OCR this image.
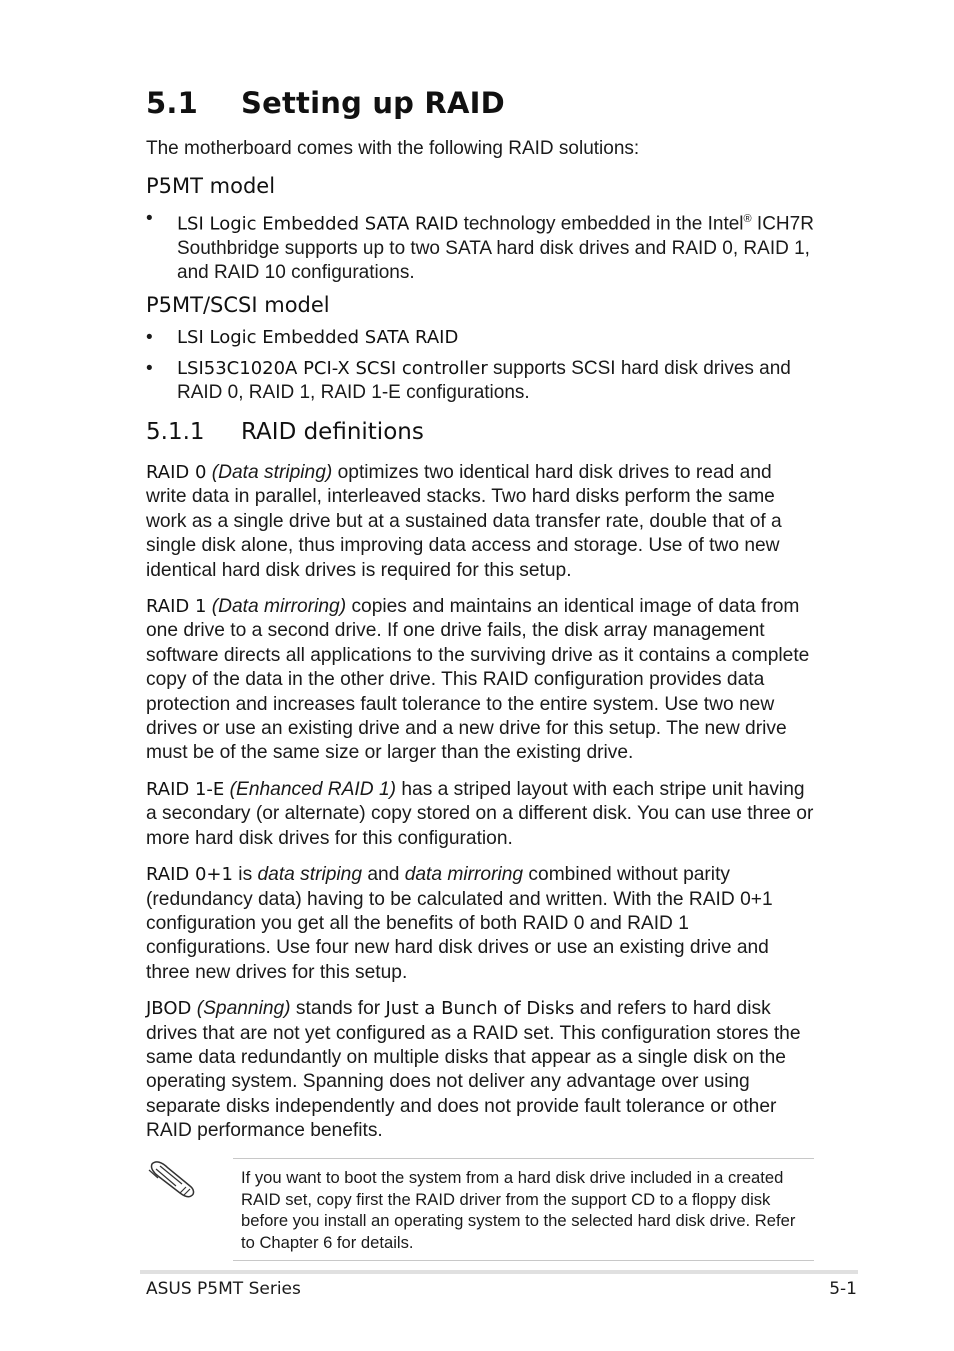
5.1 Setting up RAID
The motherboard comes with the following RAID solutions:
P5MT model
• LSI Logic Embedded SATA RAID technology embedded in the Intel® ICH7R Southbridge supports up to two SATA hard disk drives and RAID 0, RAID 1, and RAID 10 configurations.
P5MT/SCSI model
• LSI Logic Embedded SATA RAID
• LSI53C1020A PCI-X SCSI controller supports SCSI hard disk drives and RAID 0, RAID 1, RAID 1-E configurations.
5.1.1 RAID definitions

RAID 0 (Data striping) optimizes two identical hard disk drives to read and write data in parallel, interleaved stacks. Two hard disks perform the same work as a single drive but at a sustained data transfer rate, double that of a single disk alone, thus improving data access and storage. Use of two new identical hard disk drives is required for this setup.

RAID 1 (Data mirroring) copies and maintains an identical image of data from one drive to a second drive. If one drive fails, the disk array management software directs all applications to the surviving drive as it contains a complete copy of the data in the other drive. This RAID configuration provides data protection and increases fault tolerance to the entire system. Use two new drives or use an existing drive and a new drive for this setup. The new drive must be of the same size or larger than the existing drive.

RAID 1-E (Enhanced RAID 1) has a striped layout with each stripe unit having a secondary (or alternate) copy stored on a different disk. You can use three or more hard disk drives for this configuration.

RAID 0+1 is data striping and data mirroring combined without parity (redundancy data) having to be calculated and written. With the RAID 0+1 configuration you get all the benefits of both RAID 0 and RAID 1 configurations. Use four new hard disk drives or use an existing drive and three new drives for this setup.

JBOD (Spanning) stands for Just a Bunch of Disks and refers to hard disk drives that are not yet configured as a RAID set. This configuration stores the same data redundantly on multiple disks that appear as a single disk on the operating system. Spanning does not deliver any advantage over using separate disks independently and does not provide fault tolerance or other RAID performance benefits.

If you want to boot the system from a hard disk drive included in a created RAID set, copy first the RAID driver from the support CD to a floppy disk before you install an operating system to the selected hard disk drive. Refer to Chapter 6 for details.

ASUS P5MT Series	5-1
